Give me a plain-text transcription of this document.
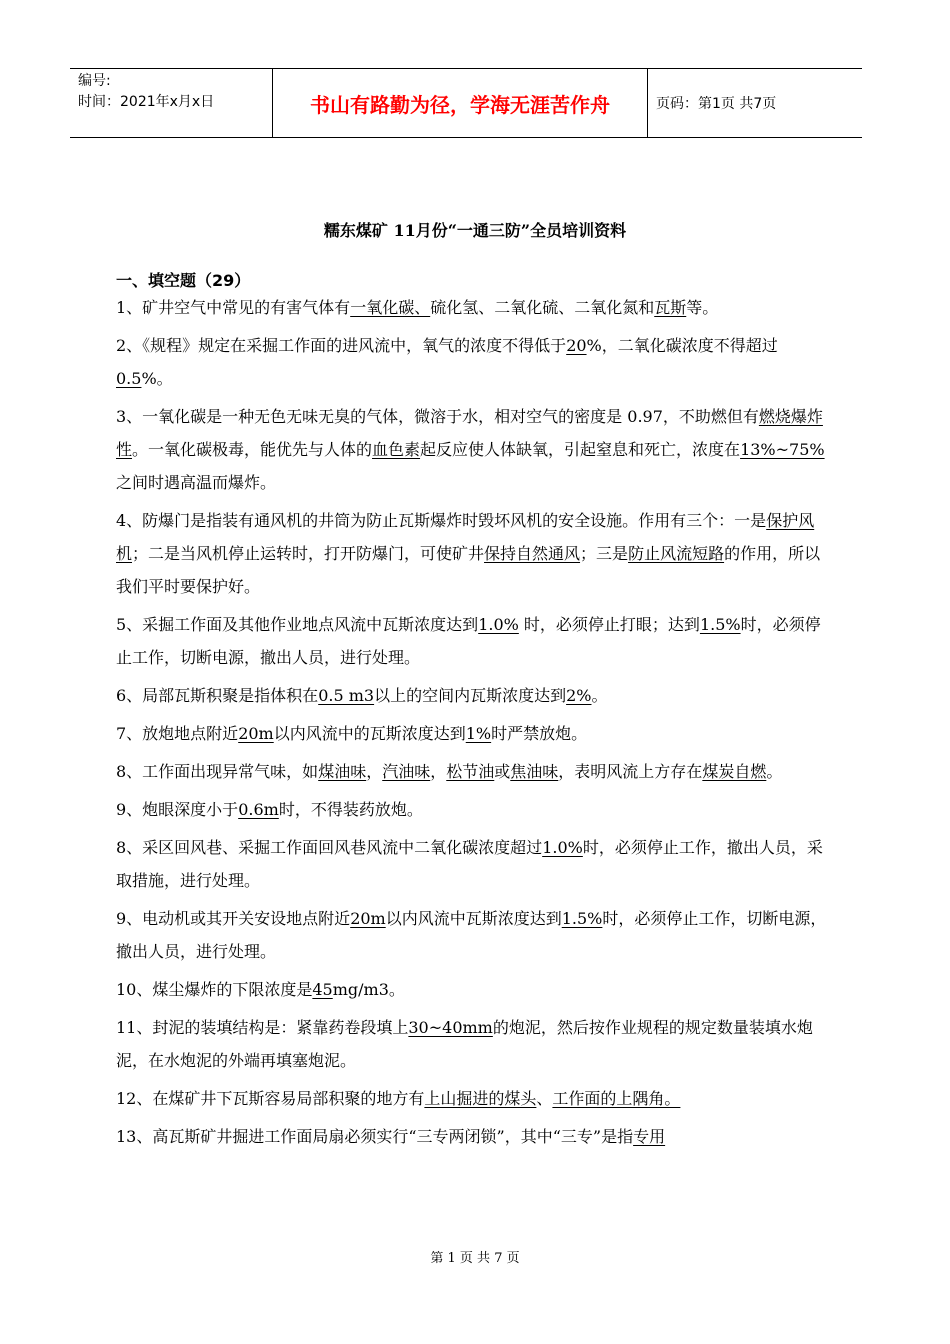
编号:
时间：2021年x月x日	书山有路勤为径，学海无涯苦作舟	页码：第1页 共7页
糯东煤矿 11月份“一通三防”全员培训资料
一、填空题（29）

1、矿井空气中常见的有害气体有一氧化碳、硫化氢、二氧化硫、二氧化氮和瓦斯等。

2、《规程》规定在采掘工作面的进风流中，氧气的浓度不得低于20%，二氧化碳浓度不得超过0.5%。

3、一氧化碳是一种无色无味无臭的气体，微溶于水，相对空气的密度是 0.97，不助燃但有燃烧爆炸性。一氧化碳极毒，能优先与人体的血色素起反应使人体缺氧，引起窒息和死亡，浓度在13%~75%之间时遇高温而爆炸。

4、防爆门是指装有通风机的井筒为防止瓦斯爆炸时毁坏风机的安全设施。作用有三个：一是保护风机；二是当风机停止运转时，打开防爆门，可使矿井保持自然通风；三是防止风流短路的作用，所以我们平时要保护好。

5、采掘工作面及其他作业地点风流中瓦斯浓度达到1.0% 时，必须停止打眼；达到1.5%时，必须停止工作，切断电源，撤出人员，进行处理。

6、局部瓦斯积聚是指体积在0.5 m3以上的空间内瓦斯浓度达到2%。

7、放炮地点附近20m以内风流中的瓦斯浓度达到1%时严禁放炮。

8、工作面出现异常气味，如煤油味，汽油味，松节油或焦油味，表明风流上方存在煤炭自燃。

9、炮眼深度小于0.6m时，不得装药放炮。

8、采区回风巷、采掘工作面回风巷风流中二氧化碳浓度超过1.0%时，必须停止工作，撤出人员，采取措施，进行处理。

9、电动机或其开关安设地点附近20m以内风流中瓦斯浓度达到1.5%时，必须停止工作，切断电源，撤出人员，进行处理。

10、煤尘爆炸的下限浓度是45mg/m3。

11、封泥的装填结构是：紧靠药卷段填上30~40mm的炮泥，然后按作业规程的规定数量装填水炮泥，在水炮泥的外端再填塞炮泥。

12、在煤矿井下瓦斯容易局部积聚的地方有上山掘进的煤头、工作面的上隅角。

13、高瓦斯矿井掘进工作面局扇必须实行“三专两闭锁”，其中“三专”是指专用

第 1 页 共 7 页
